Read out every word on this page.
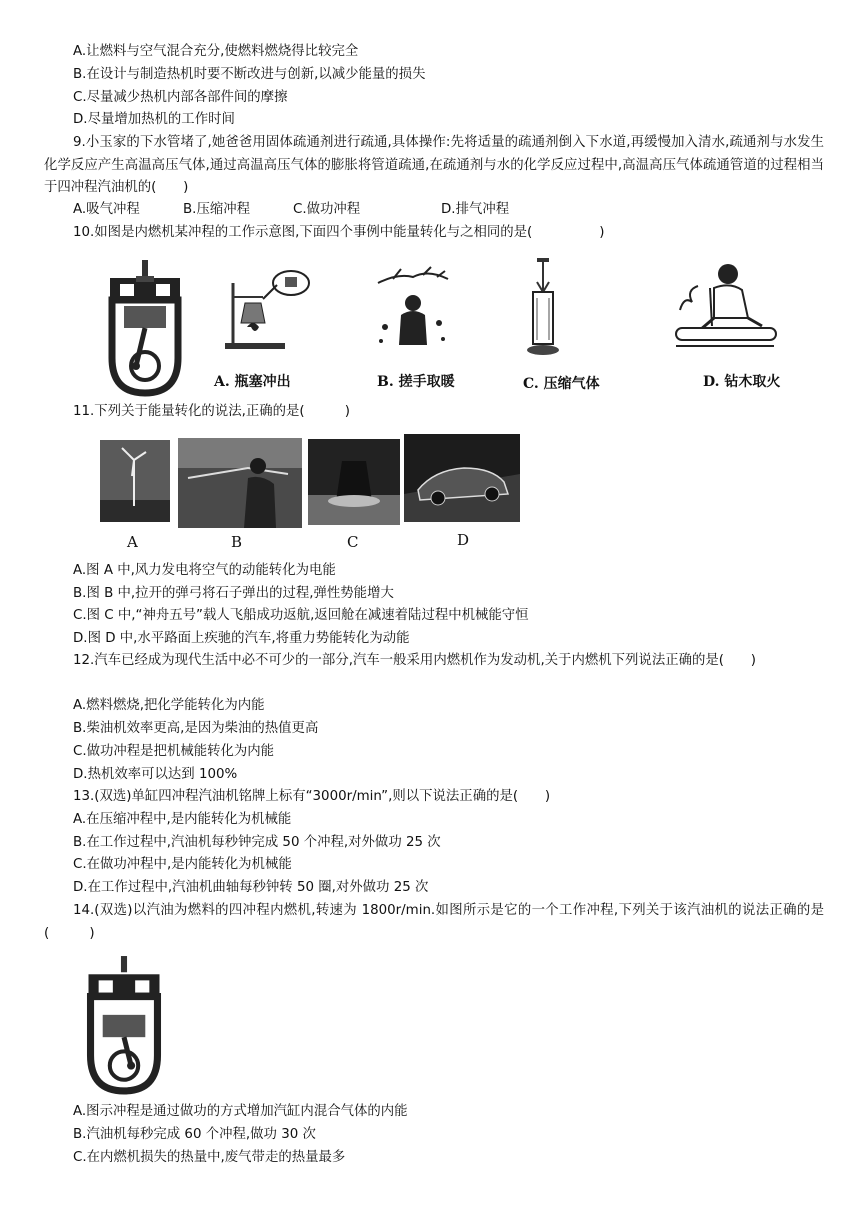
A.让燃料与空气混合充分,使燃料燃烧得比较完全
B.在设计与制造热机时要不断改进与创新,以减少能量的损失
C.尽量减少热机内部各部件间的摩擦
D.尽量增加热机的工作时间
9.小玉家的下水管堵了,她爸爸用固体疏通剂进行疏通,具体操作:先将适量的疏通剂倒入下水道,再缓慢加入清水,疏通剂与水发生化学反应产生高温高压气体,通过高温高压气体的膨胀将管道疏通,在疏通剂与水的化学反应过程中,高温高压气体疏通管道的过程相当于四冲程汽油机的(　　)
A.吸气冲程	B.压缩冲程	C.做功冲程	D.排气冲程
10.如图是内燃机某冲程的工作示意图,下面四个事例中能量转化与之相同的是(　　　　　)
A. 瓶塞冲出	B. 搓手取暖	C. 压缩气体	D. 钻木取火
11.下列关于能量转化的说法,正确的是(　　　)
A	B	C	D
A.图 A 中,风力发电将空气的动能转化为电能
B.图 B 中,拉开的弹弓将石子弹出的过程,弹性势能增大
C.图 C 中,“神舟五号”载人飞船成功返航,返回舱在减速着陆过程中机械能守恒
D.图 D 中,水平路面上疾驰的汽车,将重力势能转化为动能
12.汽车已经成为现代生活中必不可少的一部分,汽车一般采用内燃机作为发动机,关于内燃机下列说法正确的是(　　)
A.燃料燃烧,把化学能转化为内能
B.柴油机效率更高,是因为柴油的热值更高
C.做功冲程是把机械能转化为内能
D.热机效率可以达到 100%
13.(双选)单缸四冲程汽油机铭牌上标有“3000r/min”,则以下说法正确的是(　　)
A.在压缩冲程中,是内能转化为机械能
B.在工作过程中,汽油机每秒钟完成 50 个冲程,对外做功 25 次
C.在做功冲程中,是内能转化为机械能
D.在工作过程中,汽油机曲轴每秒钟转 50 圈,对外做功 25 次
14.(双选)以汽油为燃料的四冲程内燃机,转速为 1800r/min.如图所示是它的一个工作冲程,下列关于该汽油机的说法正确的是(　　　)
A.图示冲程是通过做功的方式增加汽缸内混合气体的内能
B.汽油机每秒完成 60 个冲程,做功 30 次
C.在内燃机损失的热量中,废气带走的热量最多
